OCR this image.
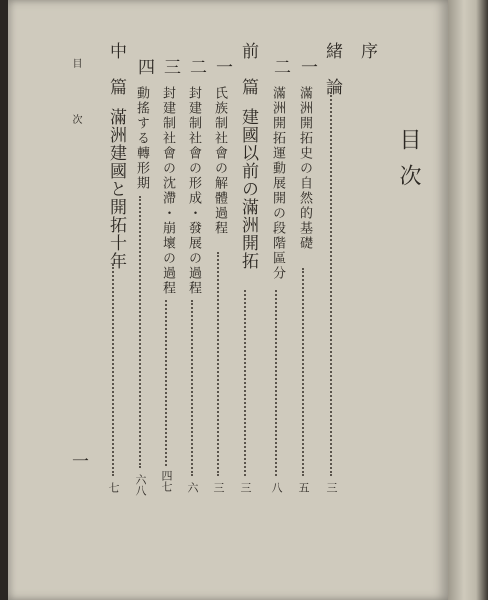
目次
序
緒　論
三
一
滿洲開拓史の自然的基礎
五
二
滿洲開拓運動展開の段階區分
八
前　篇
建國以前の滿洲開拓
三
一
氏族制社會の解體過程
三
二
封建制社會の形成・發展の過程
六
三
封建制社會の沈滯・崩壞の過程
四七
四
動搖する轉形期
六八
中　篇
滿洲建國と開拓十年
七
目　次
一
